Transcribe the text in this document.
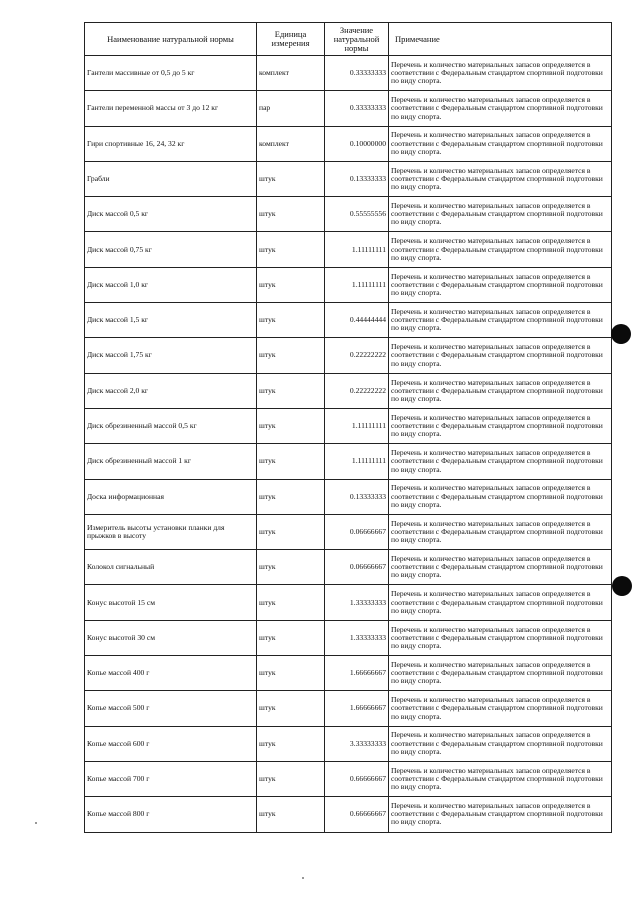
Наименование натуральной нормы	Единица измерения	Значение натуральной нормы	Примечание
Гантели массивные от 0,5 до 5 кг	комплект	0.33333333	Перечень и количество материальных запасов определяется в соответствии с Федеральным стандартом спортивной подготовки по виду спорта.
Гантели переменной массы от 3 до 12 кг	пар	0.33333333	Перечень и количество материальных запасов определяется в соответствии с Федеральным стандартом спортивной подготовки по виду спорта.
Гири спортивные 16, 24, 32 кг	комплект	0.10000000	Перечень и количество материальных запасов определяется в соответствии с Федеральным стандартом спортивной подготовки по виду спорта.
Грабли	штук	0.13333333	Перечень и количество материальных запасов определяется в соответствии с Федеральным стандартом спортивной подготовки по виду спорта.
Диск массой 0,5 кг	штук	0.55555556	Перечень и количество материальных запасов определяется в соответствии с Федеральным стандартом спортивной подготовки по виду спорта.
Диск массой 0,75 кг	штук	1.11111111	Перечень и количество материальных запасов определяется в соответствии с Федеральным стандартом спортивной подготовки по виду спорта.
Диск массой 1,0 кг	штук	1.11111111	Перечень и количество материальных запасов определяется в соответствии с Федеральным стандартом спортивной подготовки по виду спорта.
Диск массой 1,5 кг	штук	0.44444444	Перечень и количество материальных запасов определяется в соответствии с Федеральным стандартом спортивной подготовки по виду спорта.
Диск массой 1,75 кг	штук	0.22222222	Перечень и количество материальных запасов определяется в соответствии с Федеральным стандартом спортивной подготовки по виду спорта.
Диск массой 2,0 кг	штук	0.22222222	Перечень и количество материальных запасов определяется в соответствии с Федеральным стандартом спортивной подготовки по виду спорта.
Диск обрезиненный массой 0,5 кг	штук	1.11111111	Перечень и количество материальных запасов определяется в соответствии с Федеральным стандартом спортивной подготовки по виду спорта.
Диск обрезиненный массой 1 кг	штук	1.11111111	Перечень и количество материальных запасов определяется в соответствии с Федеральным стандартом спортивной подготовки по виду спорта.
Доска информационная	штук	0.13333333	Перечень и количество материальных запасов определяется в соответствии с Федеральным стандартом спортивной подготовки по виду спорта.
Измеритель высоты установки планки для прыжков в высоту	штук	0.06666667	Перечень и количество материальных запасов определяется в соответствии с Федеральным стандартом спортивной подготовки по виду спорта.
Колокол сигнальный	штук	0.06666667	Перечень и количество материальных запасов определяется в соответствии с Федеральным стандартом спортивной подготовки по виду спорта.
Конус высотой 15 см	штук	1.33333333	Перечень и количество материальных запасов определяется в соответствии с Федеральным стандартом спортивной подготовки по виду спорта.
Конус высотой 30 см	штук	1.33333333	Перечень и количество материальных запасов определяется в соответствии с Федеральным стандартом спортивной подготовки по виду спорта.
Копье массой 400 г	штук	1.66666667	Перечень и количество материальных запасов определяется в соответствии с Федеральным стандартом спортивной подготовки по виду спорта.
Копье массой 500 г	штук	1.66666667	Перечень и количество материальных запасов определяется в соответствии с Федеральным стандартом спортивной подготовки по виду спорта.
Копье массой 600 г	штук	3.33333333	Перечень и количество материальных запасов определяется в соответствии с Федеральным стандартом спортивной подготовки по виду спорта.
Копье массой 700 г	штук	0.66666667	Перечень и количество материальных запасов определяется в соответствии с Федеральным стандартом спортивной подготовки по виду спорта.
Копье массой 800 г	штук	0.66666667	Перечень и количество материальных запасов определяется в соответствии с Федеральным стандартом спортивной подготовки по виду спорта.
